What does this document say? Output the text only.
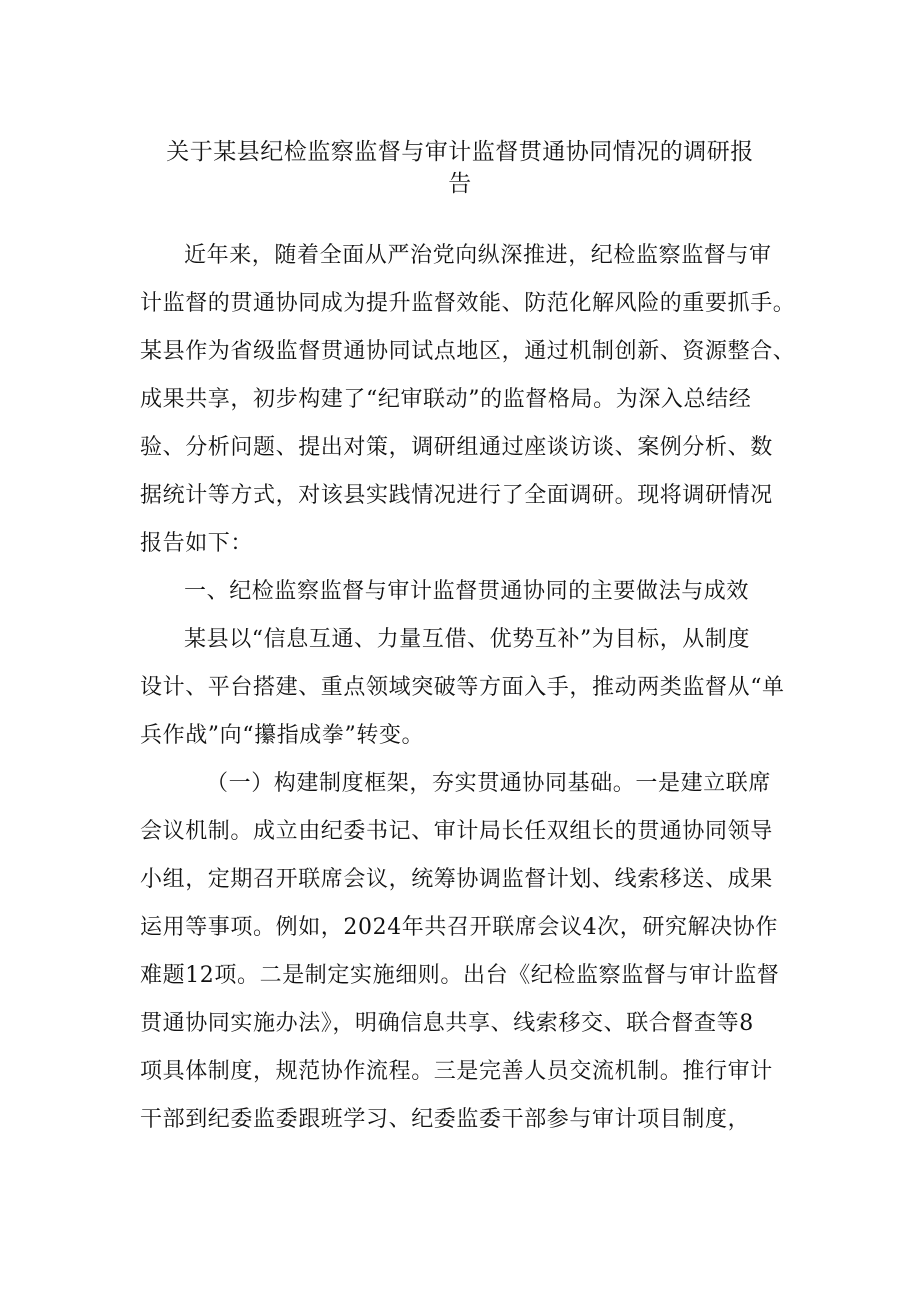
关于某县纪检监察监督与审计监督贯通协同情况的调研报
告
近年来，随着全面从严治党向纵深推进，纪检监察监督与审
计监督的贯通协同成为提升监督效能、防范化解风险的重要抓手。
某县作为省级监督贯通协同试点地区，通过机制创新、资源整合、
成果共享，初步构建了“纪审联动”的监督格局。为深入总结经
验、分析问题、提出对策，调研组通过座谈访谈、案例分析、数
据统计等方式，对该县实践情况进行了全面调研。现将调研情况
报告如下：
一、纪检监察监督与审计监督贯通协同的主要做法与成效
某县以“信息互通、力量互借、优势互补”为目标，从制度
设计、平台搭建、重点领域突破等方面入手，推动两类监督从“单
兵作战”向“攥指成拳”转变。
（一）构建制度框架，夯实贯通协同基础。一是建立联席
会议机制。成立由纪委书记、审计局长任双组长的贯通协同领导
小组，定期召开联席会议，统筹协调监督计划、线索移送、成果
运用等事项。例如，2024年共召开联席会议4次，研究解决协作
难题12项。二是制定实施细则。出台《纪检监察监督与审计监督
贯通协同实施办法》，明确信息共享、线索移交、联合督查等8
项具体制度，规范协作流程。三是完善人员交流机制。推行审计
干部到纪委监委跟班学习、纪委监委干部参与审计项目制度，
